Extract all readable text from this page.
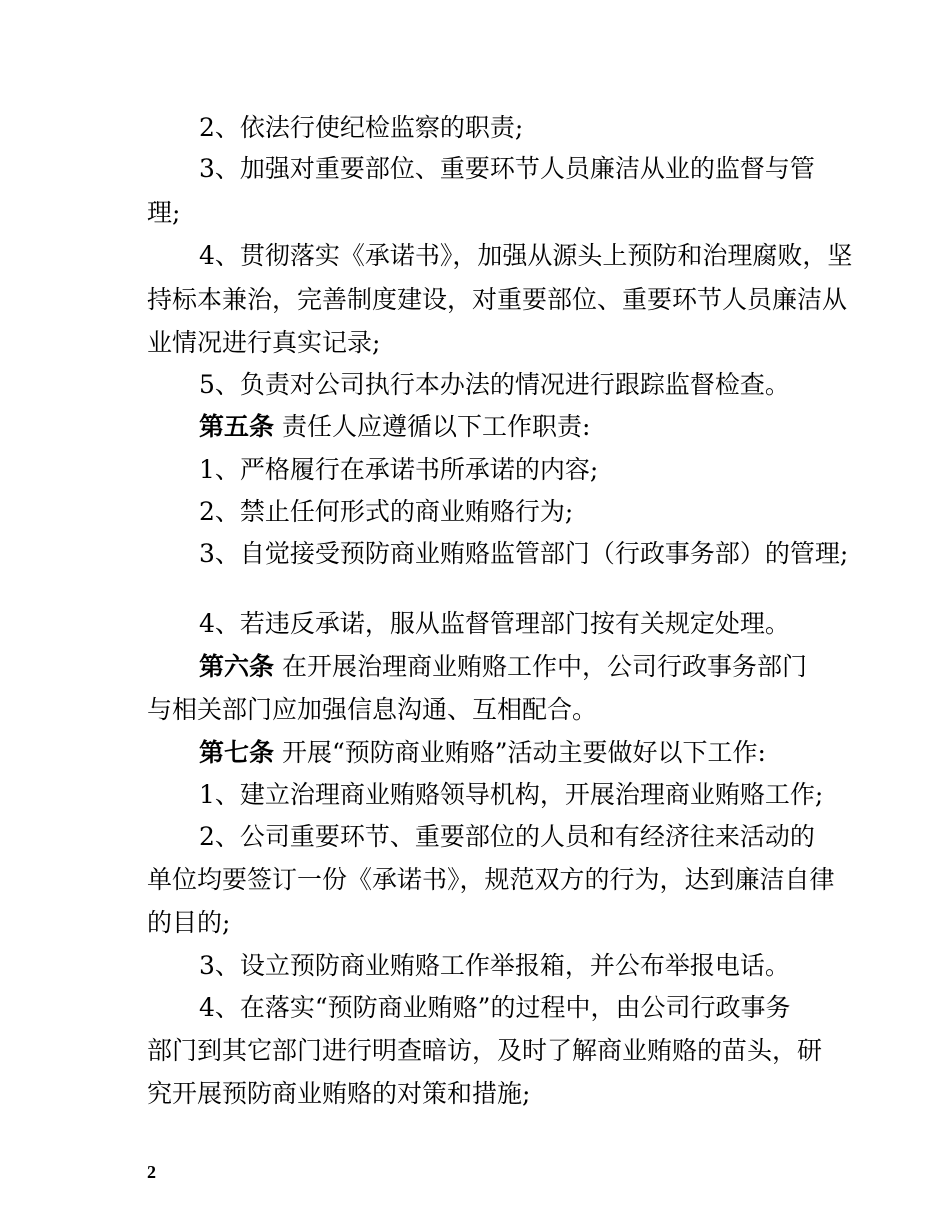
2、依法行使纪检监察的职责;
3、加强对重要部位、重要环节人员廉洁从业的监督与管
理;
4、贯彻落实《承诺书》，加强从源头上预防和治理腐败，坚
持标本兼治，完善制度建设，对重要部位、重要环节人员廉洁从
业情况进行真实记录;
5、负责对公司执行本办法的情况进行跟踪监督检查。
第五条 责任人应遵循以下工作职责:
1、严格履行在承诺书所承诺的内容;
2、禁止任何形式的商业贿赂行为;
3、自觉接受预防商业贿赂监管部门（行政事务部）的管理;
4、若违反承诺，服从监督管理部门按有关规定处理。
第六条 在开展治理商业贿赂工作中，公司行政事务部门
与相关部门应加强信息沟通、互相配合。
第七条 开展“预防商业贿赂”活动主要做好以下工作:
1、建立治理商业贿赂领导机构，开展治理商业贿赂工作;
2、公司重要环节、重要部位的人员和有经济往来活动的
单位均要签订一份《承诺书》，规范双方的行为，达到廉洁自律
的目的;
3、设立预防商业贿赂工作举报箱，并公布举报电话。
4、在落实“预防商业贿赂”的过程中，由公司行政事务
部门到其它部门进行明查暗访，及时了解商业贿赂的苗头，研
究开展预防商业贿赂的对策和措施;
2
